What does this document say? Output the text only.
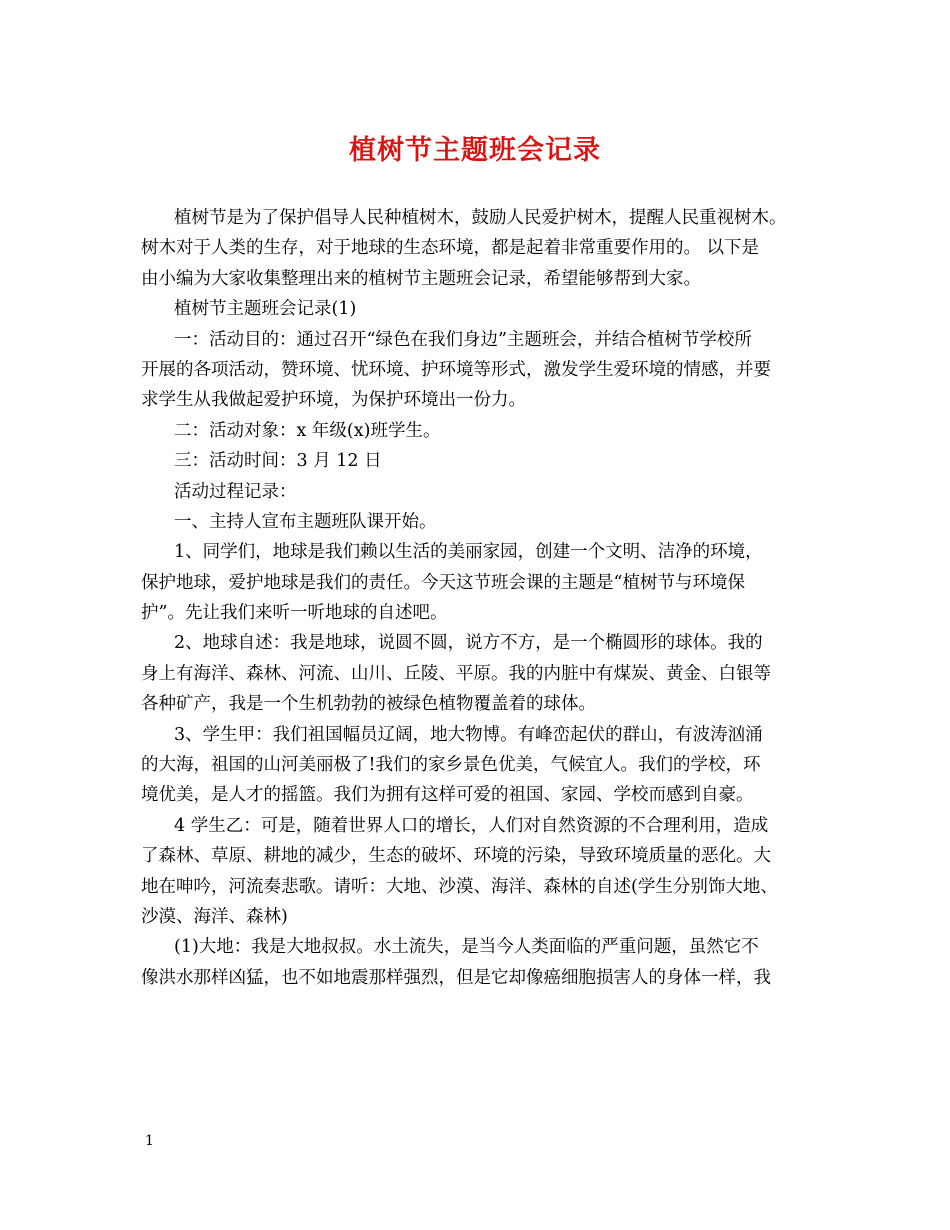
植树节主题班会记录

植树节是为了保护倡导人民种植树木，鼓励人民爱护树木，提醒人民重视树木。

树木对于人类的生存，对于地球的生态环境，都是起着非常重要作用的。 以下是

由小编为大家收集整理出来的植树节主题班会记录，希望能够帮到大家。

植树节主题班会记录(1)

一：活动目的：通过召开“绿色在我们身边”主题班会，并结合植树节学校所

开展的各项活动，赞环境、忧环境、护环境等形式，激发学生爱环境的情感，并要

求学生从我做起爱护环境，为保护环境出一份力。

二：活动对象：x 年级(x)班学生。

三：活动时间：3 月 12 日

活动过程记录：

一、主持人宣布主题班队课开始。

1、同学们，地球是我们赖以生活的美丽家园，创建一个文明、洁净的环境，

保护地球，爱护地球是我们的责任。今天这节班会课的主题是“植树节与环境保

护”。先让我们来听一听地球的自述吧。

2、地球自述：我是地球，说圆不圆，说方不方，是一个椭圆形的球体。我的

身上有海洋、森林、河流、山川、丘陵、平原。我的内脏中有煤炭、黄金、白银等

各种矿产，我是一个生机勃勃的被绿色植物覆盖着的球体。

3、学生甲：我们祖国幅员辽阔，地大物博。有峰峦起伏的群山，有波涛汹涌

的大海，祖国的山河美丽极了!我们的家乡景色优美，气候宜人。我们的学校，环

境优美，是人才的摇篮。我们为拥有这样可爱的祖国、家园、学校而感到自豪。

4 学生乙：可是，随着世界人口的增长，人们对自然资源的不合理利用，造成

了森林、草原、耕地的减少，生态的破坏、环境的污染，导致环境质量的恶化。大

地在呻吟，河流奏悲歌。请听：大地、沙漠、海洋、森林的自述(学生分别饰大地、

沙漠、海洋、森林)

(1)大地：我是大地叔叔。水土流失，是当今人类面临的严重问题，虽然它不

像洪水那样凶猛，也不如地震那样强烈，但是它却像癌细胞损害人的身体一样，我

1
